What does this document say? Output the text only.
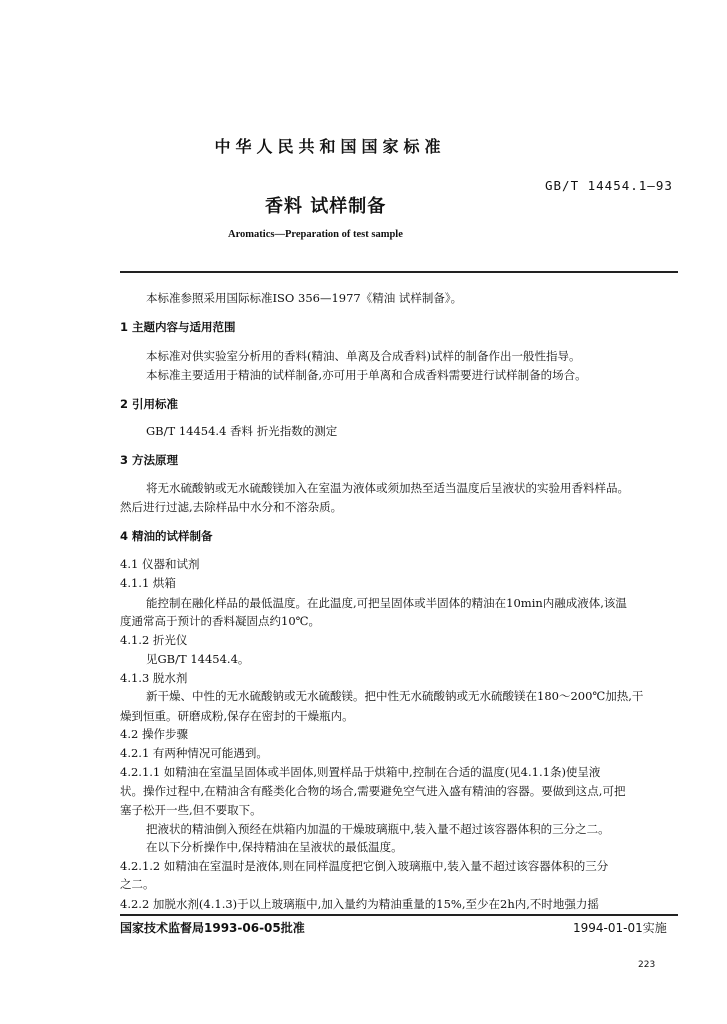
中华人民共和国国家标准
GB/T 14454.1—93
香料 试样制备
Aromatics—Preparation of test sample

本标准参照采用国际标准ISO 356—1977《精油 试样制备》。

1 主题内容与适用范围

本标准对供实验室分析用的香料(精油、单离及合成香料)试样的制备作出一般性指导。

本标准主要适用于精油的试样制备,亦可用于单离和合成香料需要进行试样制备的场合。

2 引用标准

GB/T 14454.4 香料 折光指数的测定

3 方法原理

将无水硫酸钠或无水硫酸镁加入在室温为液体或须加热至适当温度后呈液状的实验用香料样品。

然后进行过滤,去除样品中水分和不溶杂质。

4 精油的试样制备

4.1 仪器和试剂

4.1.1 烘箱

能控制在融化样品的最低温度。在此温度,可把呈固体或半固体的精油在10min内融成液体,该温

度通常高于预计的香料凝固点约10℃。

4.1.2 折光仪

见GB/T 14454.4。

4.1.3 脱水剂

新干燥、中性的无水硫酸钠或无水硫酸镁。把中性无水硫酸钠或无水硫酸镁在180～200℃加热,干

燥到恒重。研磨成粉,保存在密封的干燥瓶内。

4.2 操作步骤

4.2.1 有两种情况可能遇到。

4.2.1.1 如精油在室温呈固体或半固体,则置样品于烘箱中,控制在合适的温度(见4.1.1条)使呈液

状。操作过程中,在精油含有醛类化合物的场合,需要避免空气进入盛有精油的容器。要做到这点,可把

塞子松开一些,但不要取下。

把液状的精油倒入预经在烘箱内加温的干燥玻璃瓶中,装入量不超过该容器体积的三分之二。

在以下分析操作中,保持精油在呈液状的最低温度。

4.2.1.2 如精油在室温时是液体,则在同样温度把它倒入玻璃瓶中,装入量不超过该容器体积的三分

之二。

4.2.2 加脱水剂(4.1.3)于以上玻璃瓶中,加入量约为精油重量的15%,至少在2h内,不时地强力摇

国家技术监督局1993-06-05批准	1994-01-01实施
223
